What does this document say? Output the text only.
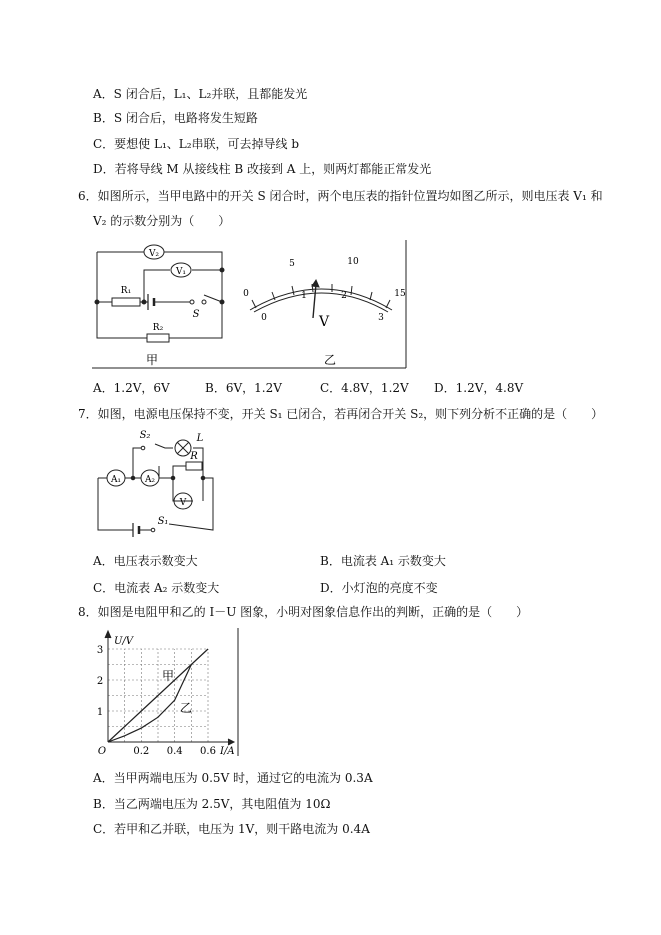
A．S 闭合后，L₁、L₂并联，且都能发光
B．S 闭合后，电路将发生短路
C．要想使 L₁、L₂串联，可去掉导线 b
D．若将导线 M 从接线柱 B 改接到 A 上，则两灯都能正常发光
6．如图所示，当甲电路中的开关 S 闭合时，两个电压表的指针位置均如图乙所示，则电压表 V₁ 和
V₂ 的示数分别为（　　）
V₂
V₁
R₁
S
R₂
甲
0
5	10
15
0
1	2
3
V
乙
A．1.2V，6V	B．6V，1.2V	C．4.8V，1.2V D．1.2V，4.8V
7．如图，电源电压保持不变，开关 S₁ 已闭合，若再闭合开关 S₂，则下列分析不正确的是（　　）
S₂	L
A₁	A₂
R
V
S₁
A．电压表示数变大	B．电流表 A₁ 示数变大
C．电流表 A₂ 示数变大	D．小灯泡的亮度不变
8．如图是电阻甲和乙的 I－U 图象，小明对图象信息作出的判断，正确的是（　　）
1
2
3
0.2 0.4 0.6
U/V
I/A
O
甲
乙
A．当甲两端电压为 0.5V 时，通过它的电流为 0.3A
B．当乙两端电压为 2.5V，其电阻值为 10Ω
C．若甲和乙并联，电压为 1V，则干路电流为 0.4A
